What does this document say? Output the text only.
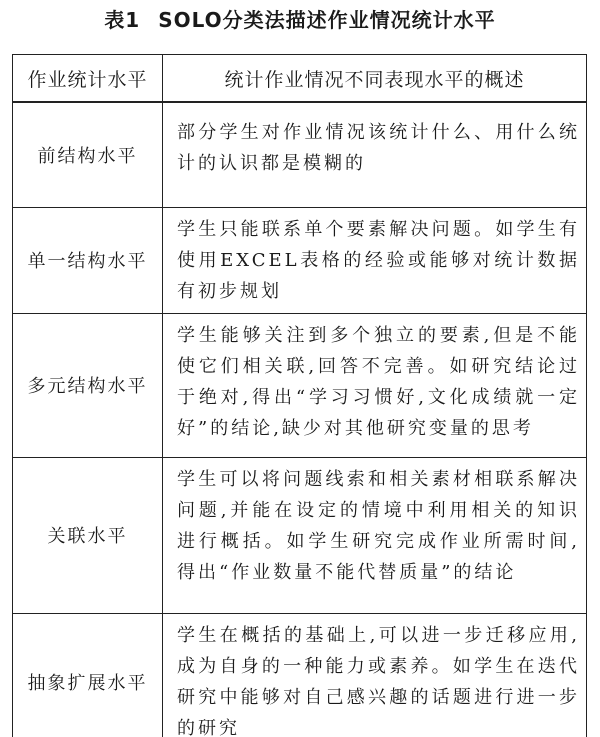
表1 SOLO分类法描述作业情况统计水平
作业统计水平	统计作业情况不同表现水平的概述
前结构水平	部分学生对作业情况该统计什么、用什么统计的认识都是模糊的
单一结构水平	学生只能联系单个要素解决问题。如学生有使用EXCEL表格的经验或能够对统计数据有初步规划
多元结构水平	学生能够关注到多个独立的要素,但是不能使它们相关联,回答不完善。如研究结论过于绝对,得出“学习习惯好,文化成绩就一定好”的结论,缺少对其他研究变量的思考
关联水平	学生可以将问题线索和相关素材相联系解决问题,并能在设定的情境中利用相关的知识进行概括。如学生研究完成作业所需时间,得出“作业数量不能代替质量”的结论
抽象扩展水平	学生在概括的基础上,可以进一步迁移应用,成为自身的一种能力或素养。如学生在迭代研究中能够对自己感兴趣的话题进行进一步的研究
